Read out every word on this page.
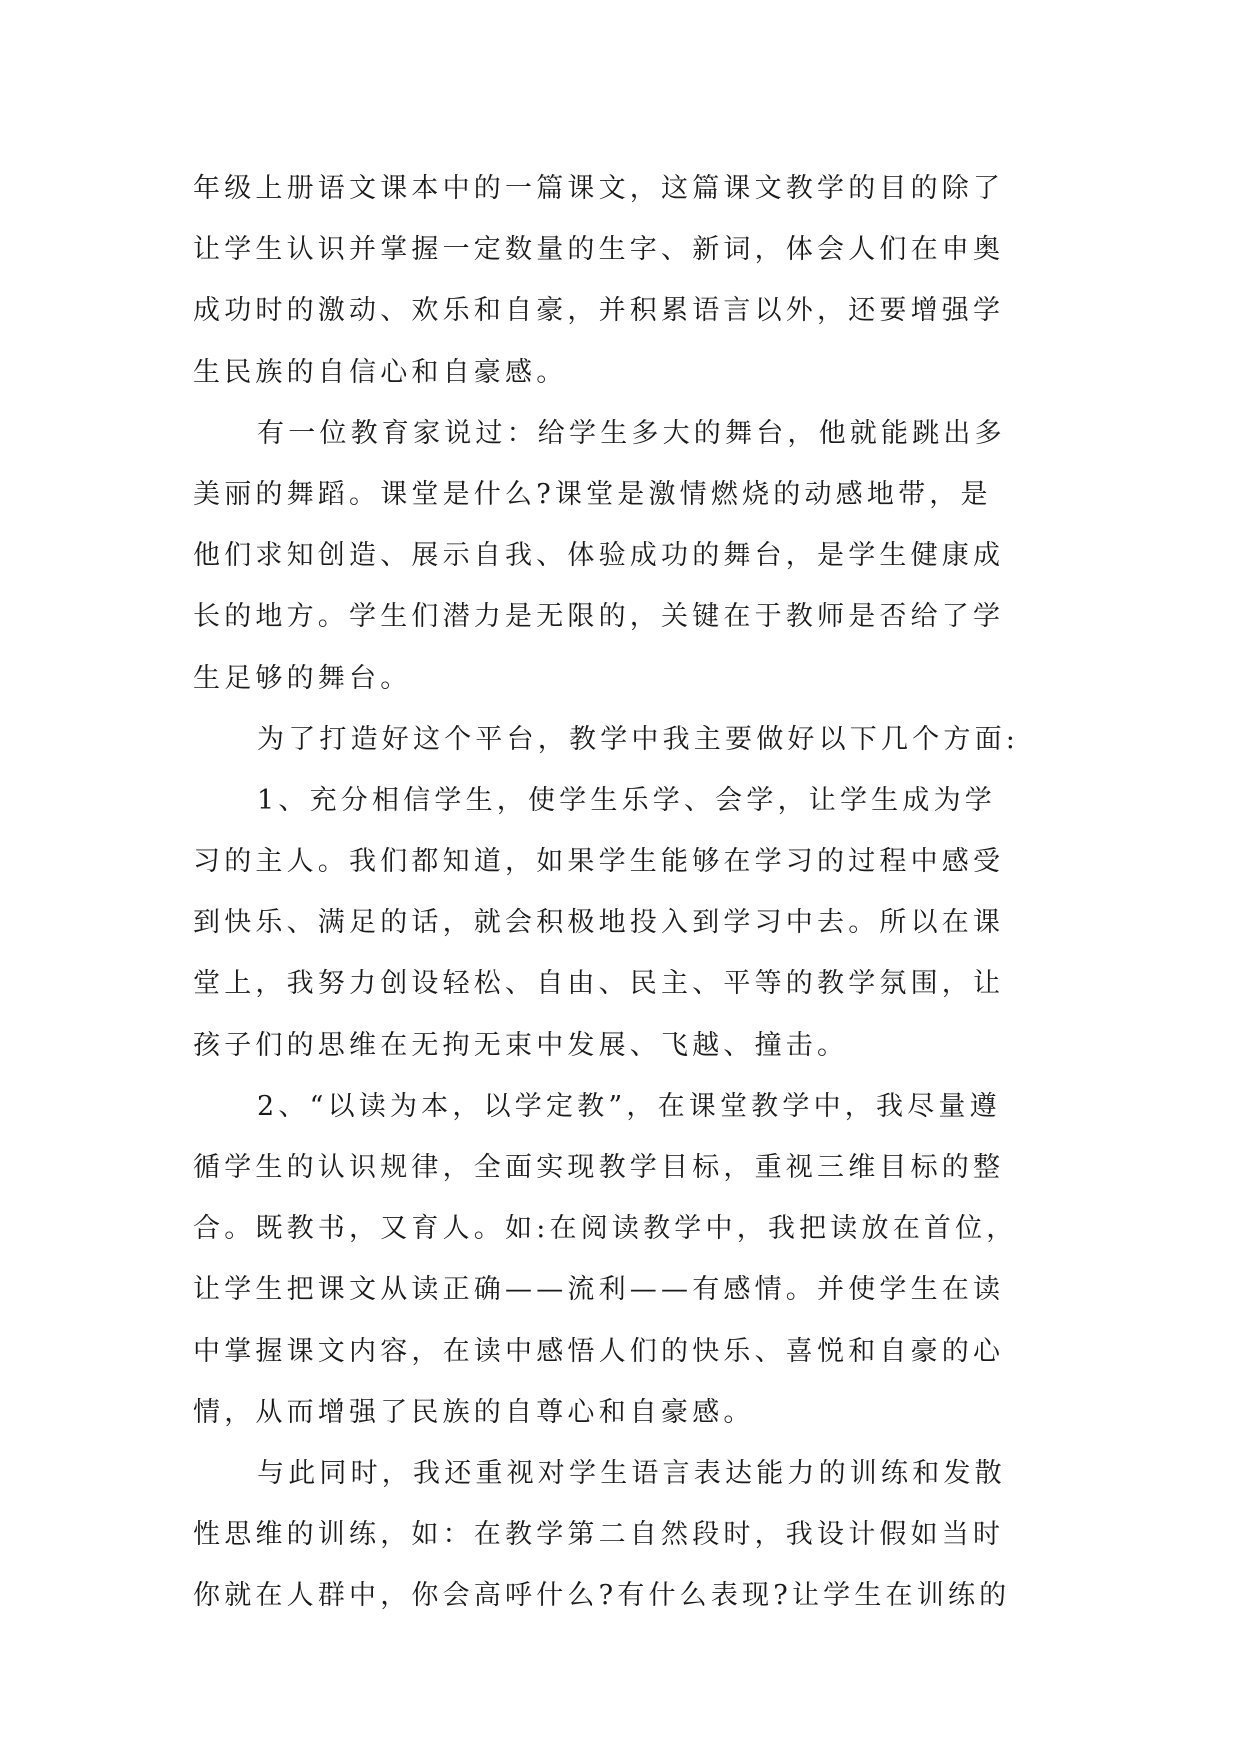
年级上册语文课本中的一篇课文，这篇课文教学的目的除了
让学生认识并掌握一定数量的生字、新词，体会人们在申奥
成功时的激动、欢乐和自豪，并积累语言以外，还要增强学
生民族的自信心和自豪感。
有一位教育家说过：给学生多大的舞台，他就能跳出多
美丽的舞蹈。课堂是什么?课堂是激情燃烧的动感地带，是
他们求知创造、展示自我、体验成功的舞台，是学生健康成
长的地方。学生们潜力是无限的，关键在于教师是否给了学
生足够的舞台。
为了打造好这个平台，教学中我主要做好以下几个方面:
1、充分相信学生，使学生乐学、会学，让学生成为学
习的主人。我们都知道，如果学生能够在学习的过程中感受
到快乐、满足的话，就会积极地投入到学习中去。所以在课
堂上，我努力创设轻松、自由、民主、平等的教学氛围，让
孩子们的思维在无拘无束中发展、飞越、撞击。
2、“以读为本，以学定教”，在课堂教学中，我尽量遵
循学生的认识规律，全面实现教学目标，重视三维目标的整
合。既教书，又育人。如:在阅读教学中，我把读放在首位，
让学生把课文从读正确——流利——有感情。并使学生在读
中掌握课文内容，在读中感悟人们的快乐、喜悦和自豪的心
情，从而增强了民族的自尊心和自豪感。
与此同时，我还重视对学生语言表达能力的训练和发散
性思维的训练，如：在教学第二自然段时，我设计假如当时
你就在人群中，你会高呼什么?有什么表现?让学生在训练的
